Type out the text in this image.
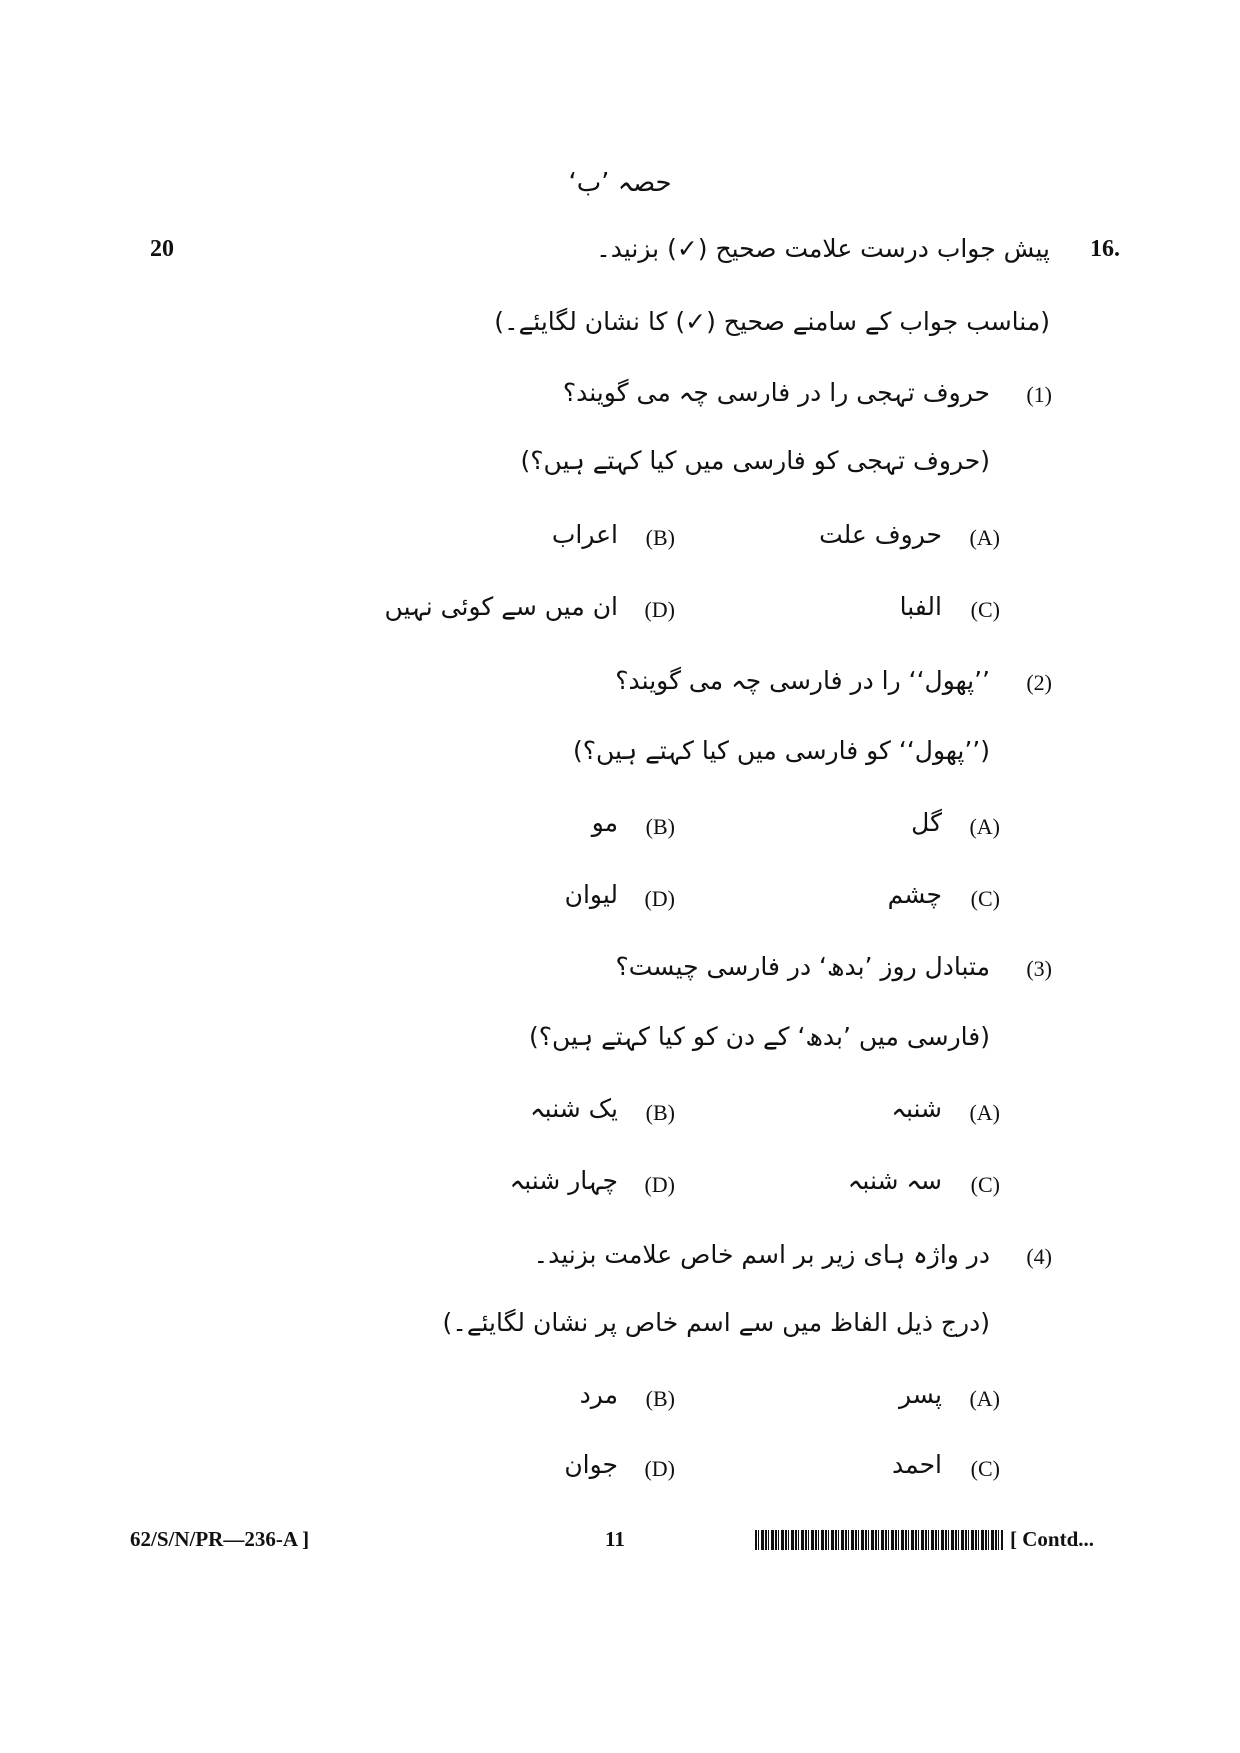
حصہ ’ب‘
20	16.
پیش جواب درست علامت صحیح (✓) بزنید۔
(مناسب جواب کے سامنے صحیح (✓) کا نشان لگایئے۔)
(1)
حروف تہجی را در فارسی چہ می گویند؟
(حروف تہجی کو فارسی میں کیا کہتے ہیں؟)
(A)
حروف علت
(B)
اعراب
(C)
الفبا
(D)
ان میں سے کوئی نہیں
(2)
’’پھول‘‘ را در فارسی چہ می گویند؟
(’’پھول‘‘ کو فارسی میں کیا کہتے ہیں؟)
(A)
گل
(B)
مو
(C)
چشم
(D)
لیوان
(3)
متبادل روز ’بدھ‘ در فارسی چیست؟
(فارسی میں ’بدھ‘ کے دن کو کیا کہتے ہیں؟)
(A)
شنبہ
(B)
یک شنبہ
(C)
سہ شنبہ
(D)
چہار شنبہ
(4)
در واژہ ہای زیر بر اسم خاص علامت بزنید۔
(درج ذیل الفاظ میں سے اسم خاص پر نشان لگایئے۔)
(A)
پسر
(B)
مرد
(C)
احمد
(D)
جوان
62/S/N/PR—236-A ]	11	[ Contd...
